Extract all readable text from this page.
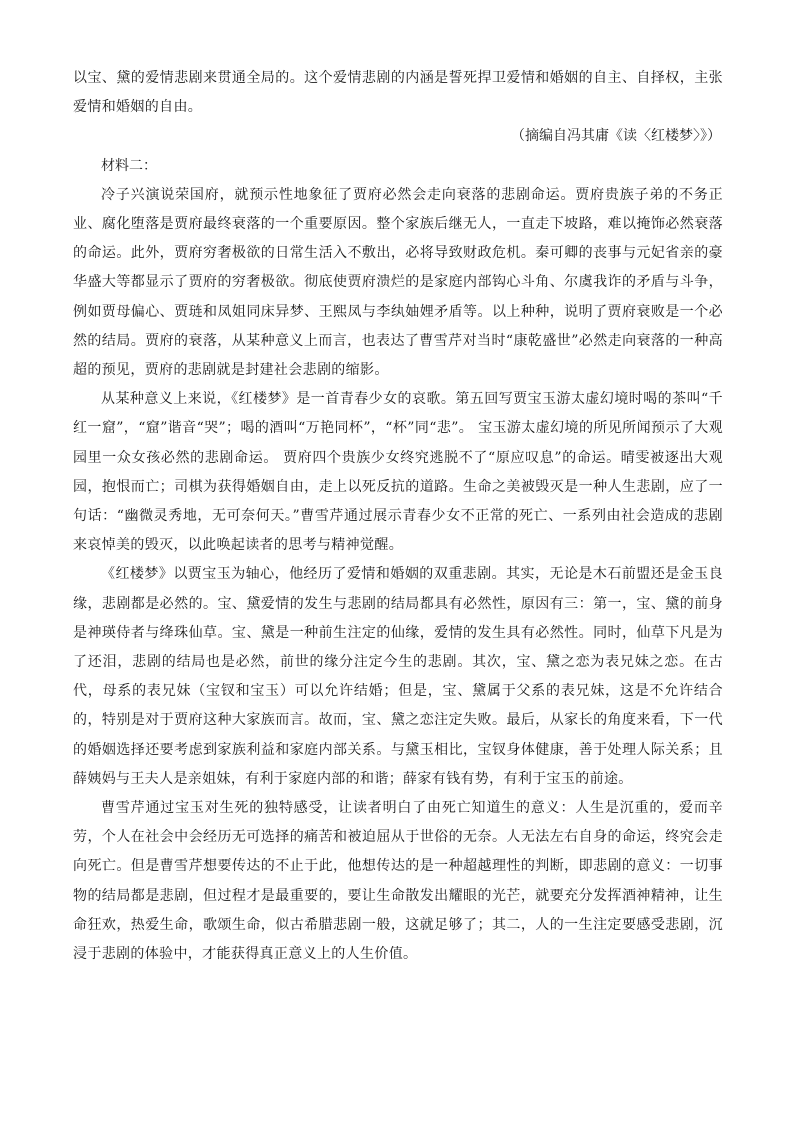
以宝、黛的爱情悲剧来贯通全局的。这个爱情悲剧的内涵是誓死捍卫爱情和婚姻的自主、自择权，主张爱情和婚姻的自由。

（摘编自冯其庸《读〈红楼梦〉》）

材料二：

冷子兴演说荣国府，就预示性地象征了贾府必然会走向衰落的悲剧命运。贾府贵族子弟的不务正业、腐化堕落是贾府最终衰落的一个重要原因。整个家族后继无人，一直走下坡路，难以掩饰必然衰落的命运。此外，贾府穷奢极欲的日常生活入不敷出，必将导致财政危机。秦可卿的丧事与元妃省亲的豪华盛大等都显示了贾府的穷奢极欲。彻底使贾府溃烂的是家庭内部钩心斗角、尔虞我诈的矛盾与斗争，例如贾母偏心、贾琏和凤姐同床异梦、王熙凤与李纨妯娌矛盾等。以上种种，说明了贾府衰败是一个必然的结局。贾府的衰落，从某种意义上而言，也表达了曹雪芹对当时“康乾盛世”必然走向衰落的一种高超的预见，贾府的悲剧就是封建社会悲剧的缩影。

从某种意义上来说，《红楼梦》是一首青春少女的哀歌。第五回写贾宝玉游太虚幻境时喝的茶叫“千红一窟”，“窟”谐音“哭”；喝的酒叫“万艳同杯”，“杯”同“悲”。 宝玉游太虚幻境的所见所闻预示了大观园里一众女孩必然的悲剧命运。 贾府四个贵族少女终究逃脱不了“原应叹息”的命运。晴雯被逐出大观园，抱恨而亡；司棋为获得婚姻自由，走上以死反抗的道路。生命之美被毁灭是一种人生悲剧，应了一句话：“幽微灵秀地，无可奈何天。”曹雪芹通过展示青春少女不正常的死亡、一系列由社会造成的悲剧来哀悼美的毁灭，以此唤起读者的思考与精神觉醒。

《红楼梦》以贾宝玉为轴心，他经历了爱情和婚姻的双重悲剧。其实，无论是木石前盟还是金玉良缘，悲剧都是必然的。宝、黛爱情的发生与悲剧的结局都具有必然性，原因有三：第一，宝、黛的前身是神瑛侍者与绛珠仙草。宝、黛是一种前生注定的仙缘，爱情的发生具有必然性。同时，仙草下凡是为了还泪，悲剧的结局也是必然，前世的缘分注定今生的悲剧。其次，宝、黛之恋为表兄妹之恋。在古代，母系的表兄妹（宝钗和宝玉）可以允许结婚；但是，宝、黛属于父系的表兄妹，这是不允许结合的，特别是对于贾府这种大家族而言。故而，宝、黛之恋注定失败。最后，从家长的角度来看，下一代的婚姻选择还要考虑到家族利益和家庭内部关系。与黛玉相比，宝钗身体健康，善于处理人际关系；且薛姨妈与王夫人是亲姐妹，有利于家庭内部的和谐；薛家有钱有势，有利于宝玉的前途。

曹雪芹通过宝玉对生死的独特感受，让读者明白了由死亡知道生的意义：人生是沉重的，爱而辛劳，个人在社会中会经历无可选择的痛苦和被迫屈从于世俗的无奈。人无法左右自身的命运，终究会走向死亡。但是曹雪芹想要传达的不止于此，他想传达的是一种超越理性的判断，即悲剧的意义：一切事物的结局都是悲剧，但过程才是最重要的，要让生命散发出耀眼的光芒，就要充分发挥酒神精神，让生命狂欢，热爱生命，歌颂生命，似古希腊悲剧一般，这就足够了；其二，人的一生注定要感受悲剧，沉浸于悲剧的体验中，才能获得真正意义上的人生价值。
